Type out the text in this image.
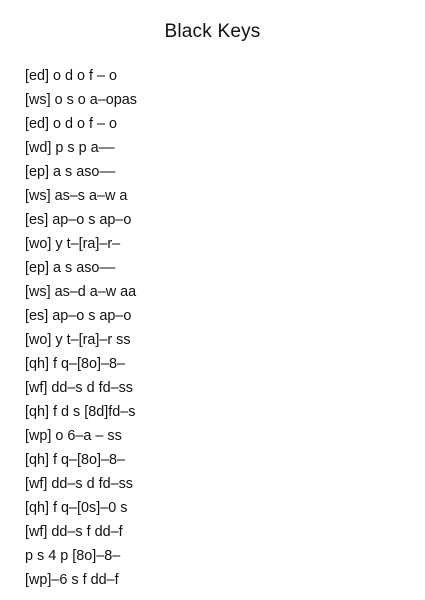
Black Keys
[ed] o d o f – o
[ws] o s o a–opas
[ed] o d o f – o
[wd] p s p a––
[ep] a s aso––
[ws] as–s a–w a
[es] ap–o s ap–o
[wo] y t–[ra]–r–
[ep] a s aso––
[ws] as–d a–w aa
[es] ap–o s ap–o
[wo] y t–[ra]–r ss
[qh] f q–[8o]–8–
[wf] dd–s d fd–ss
[qh] f d s [8d]fd–s
[wp] o 6–a – ss
[qh] f q–[8o]–8–
[wf] dd–s d fd–ss
[qh] f q–[0s]–0 s
[wf] dd–s f dd–f
p s 4 p [8o]–8–
[wp]–6 s f dd–f
